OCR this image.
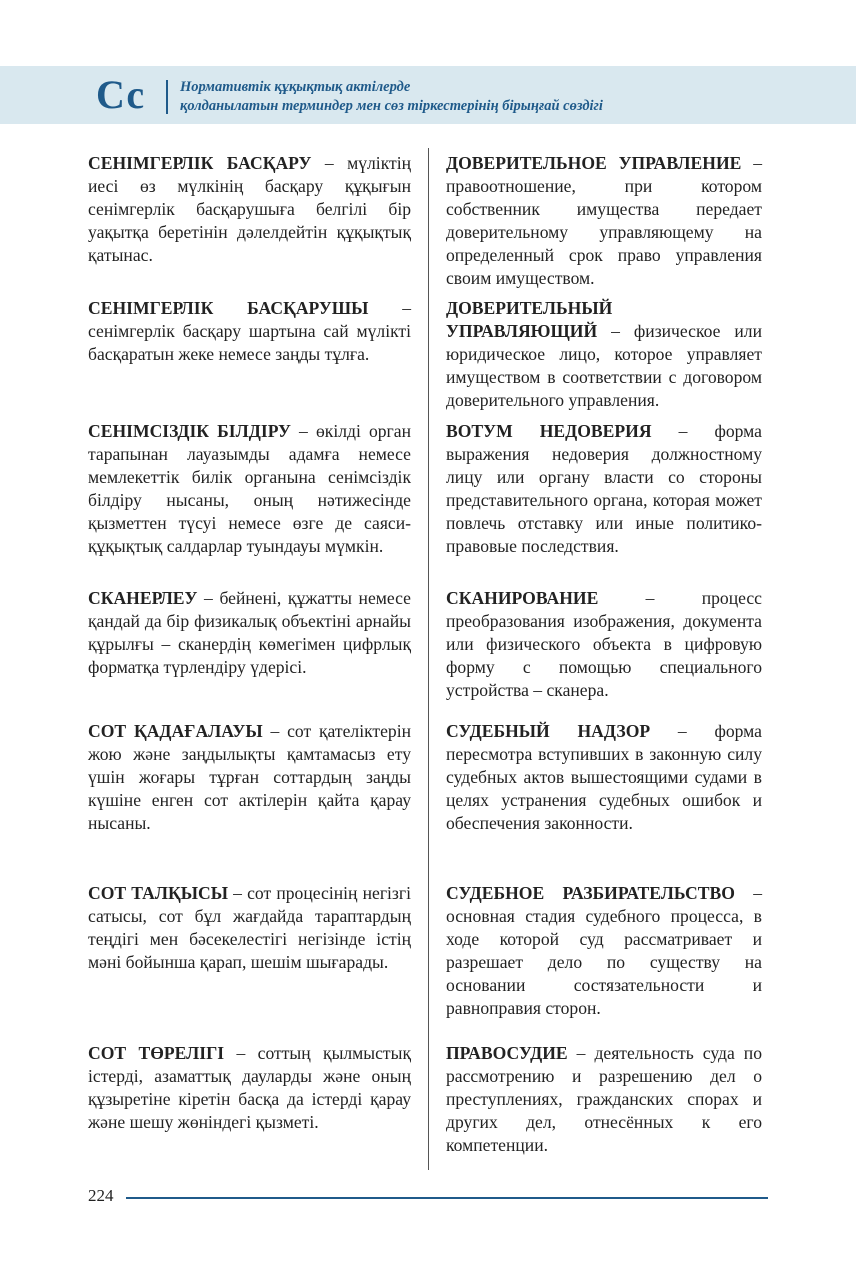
Сс Нормативтік құқықтық актілерде
қолданылатын терминдер мен сөз тіркестерінің бірыңғай сөздігі
СЕНІМГЕРЛІК БАСҚАРУ – мүліктің иесі өз мүлкінің басқару құқығын сенімгерлік басқарушыға белгілі бір уақытқа беретінін дәлелдейтін құқықтық қатынас.
ДОВЕРИТЕЛЬНОЕ УПРАВЛЕНИЕ – правоотношение, при котором собственник имущества передает доверительному управляющему на определенный срок право управления своим имуществом.
СЕНІМГЕРЛІК БАСҚАРУШЫ – сенімгерлік басқару шартына сай мүлікті басқаратын жеке немесе заңды тұлға.
ДОВЕРИТЕЛЬНЫЙ УПРАВЛЯЮЩИЙ – физическое или юридическое лицо, которое управляет имуществом в соответствии с договором доверительного управления.
СЕНІМСІЗДІК БІЛДІРУ – өкілді орган тарапынан лауазымды адамға немесе мемлекеттік билік органына сенімсіздік білдіру нысаны, оның нәтижесінде қызметтен түсуі немесе өзге де саяси-құқықтық салдарлар туындауы мүмкін.
ВОТУМ НЕДОВЕРИЯ – форма выражения недоверия должностному лицу или органу власти со стороны представительного органа, которая может повлечь отставку или иные политико-правовые последствия.
СКАНЕРЛЕУ – бейнені, құжатты немесе қандай да бір физикалық объектіні арнайы құрылғы – сканердің көмегімен цифрлық форматқа түрлендіру үдерісі.
СКАНИРОВАНИЕ – процесс преобразования изображения, документа или физического объекта в цифровую форму с помощью специального устройства – сканера.
СОТ ҚАДАҒАЛАУЫ – сот қателіктерін жою және заңдылықты қамтамасыз ету үшін жоғары тұрған соттардың заңды күшіне енген сот актілерін қайта қарау нысаны.
СУДЕБНЫЙ НАДЗОР – форма пересмотра вступивших в законную силу судебных актов вышестоящими судами в целях устранения судебных ошибок и обеспечения законности.
СОТ ТАЛҚЫСЫ – сот процесінің негізгі сатысы, сот бұл жағдайда тараптардың теңдігі мен бәсекелестігі негізінде істің мәні бойынша қарап, шешім шығарады.
СУДЕБНОЕ РАЗБИРАТЕЛЬСТВО – основная стадия судебного процесса, в ходе которой суд рассматривает и разрешает дело по существу на основании состязательности и равноправия сторон.
СОТ ТӨРЕЛІГІ – соттың қылмыстық істерді, азаматтық дауларды және оның құзыретіне кіретін басқа да істерді қарау және шешу жөніндегі қызметі.
ПРАВОСУДИЕ – деятельность суда по рассмотрению и разрешению дел о преступлениях, гражданских спорах и других дел, отнесённых к его компетенции.
224
